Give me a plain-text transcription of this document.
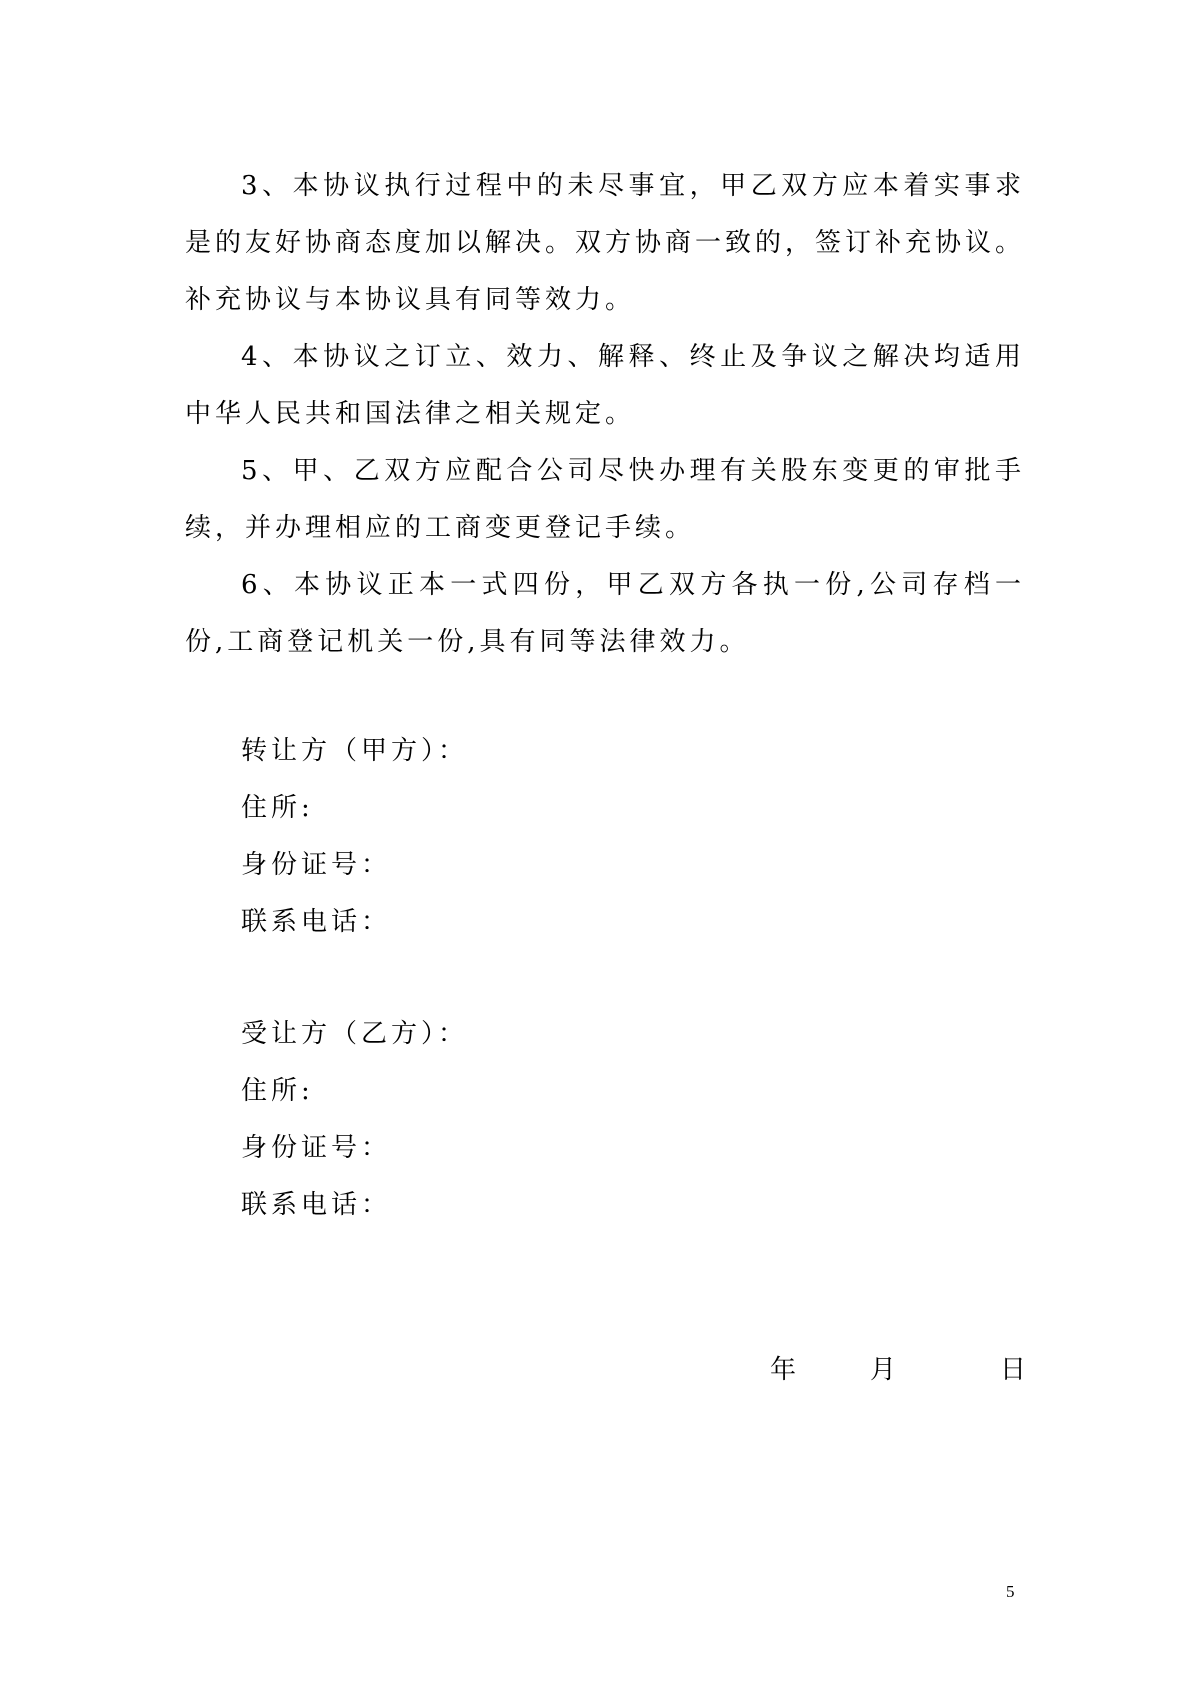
3、本协议执行过程中的未尽事宜，甲乙双方应本着实事求是的友好协商态度加以解决。双方协商一致的，签订补充协议。补充协议与本协议具有同等效力。

4、本协议之订立、效力、解释、终止及争议之解决均适用中华人民共和国法律之相关规定。

5、甲、乙双方应配合公司尽快办理有关股东变更的审批手续，并办理相应的工商变更登记手续。

6、本协议正本一式四份，甲乙双方各执一份,公司存档一份,工商登记机关一份,具有同等法律效力。

转让方（甲方）：

住所:

身份证号：

联系电话：

受让方（乙方）：

住所:

身份证号：

联系电话：

年	月	日
5
